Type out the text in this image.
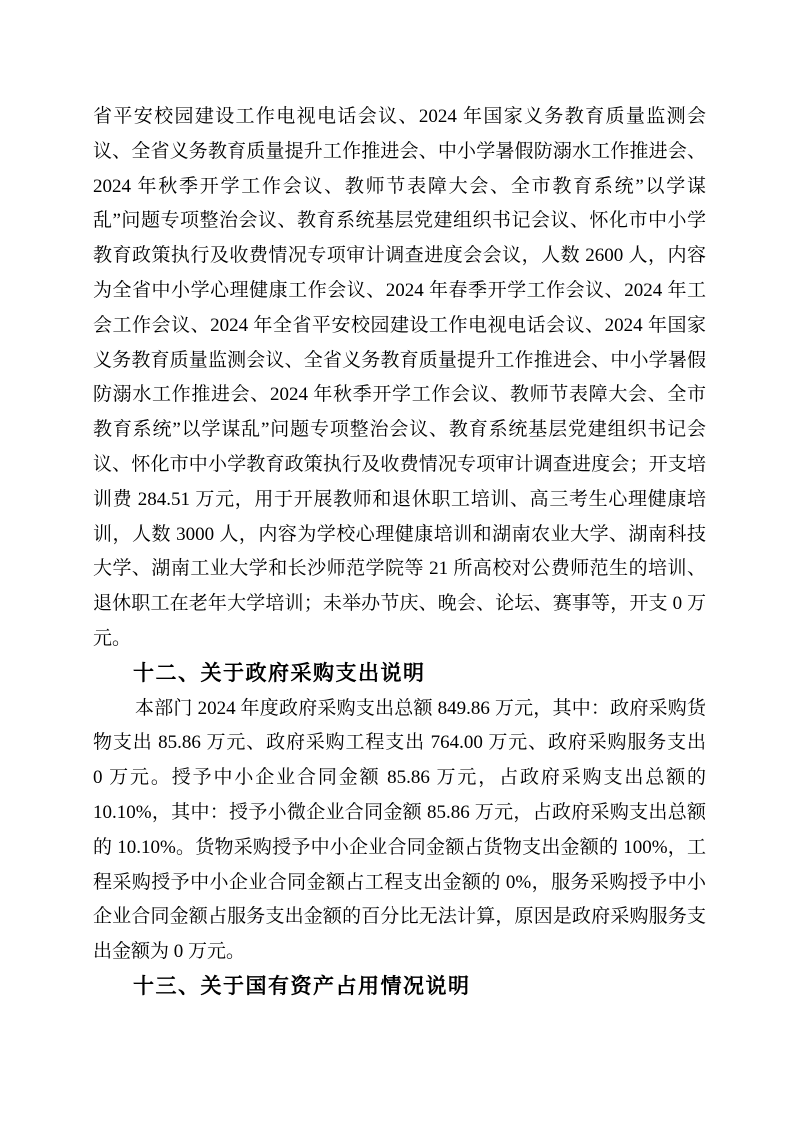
省平安校园建设工作电视电话会议、2024 年国家义务教育质量监测会
议、全省义务教育质量提升工作推进会、中小学暑假防溺水工作推进会、
2024 年秋季开学工作会议、教师节表障大会、全市教育系统”以学谋
乱”问题专项整治会议、教育系统基层党建组织书记会议、怀化市中小学
教育政策执行及收费情况专项审计调查进度会会议，人数 2600 人，内容
为全省中小学心理健康工作会议、2024 年春季开学工作会议、2024 年工
会工作会议、2024 年全省平安校园建设工作电视电话会议、2024 年国家
义务教育质量监测会议、全省义务教育质量提升工作推进会、中小学暑假
防溺水工作推进会、2024 年秋季开学工作会议、教师节表障大会、全市
教育系统”以学谋乱”问题专项整治会议、教育系统基层党建组织书记会
议、怀化市中小学教育政策执行及收费情况专项审计调查进度会；开支培
训费 284.51 万元，用于开展教师和退休职工培训、高三考生心理健康培
训，人数 3000 人，内容为学校心理健康培训和湖南农业大学、湖南科技
大学、湖南工业大学和长沙师范学院等 21 所高校对公费师范生的培训、
退休职工在老年大学培训；未举办节庆、晚会、论坛、赛事等，开支 0 万
元。
十二、关于政府采购支出说明
本部门 2024 年度政府采购支出总额 849.86 万元，其中：政府采购货
物支出 85.86 万元、政府采购工程支出 764.00 万元、政府采购服务支出
0 万元。授予中小企业合同金额 85.86 万元，占政府采购支出总额的
10.10%，其中：授予小微企业合同金额 85.86 万元，占政府采购支出总额
的 10.10%。货物采购授予中小企业合同金额占货物支出金额的 100%，工
程采购授予中小企业合同金额占工程支出金额的 0%，服务采购授予中小
企业合同金额占服务支出金额的百分比无法计算，原因是政府采购服务支
出金额为 0 万元。
十三、关于国有资产占用情况说明
